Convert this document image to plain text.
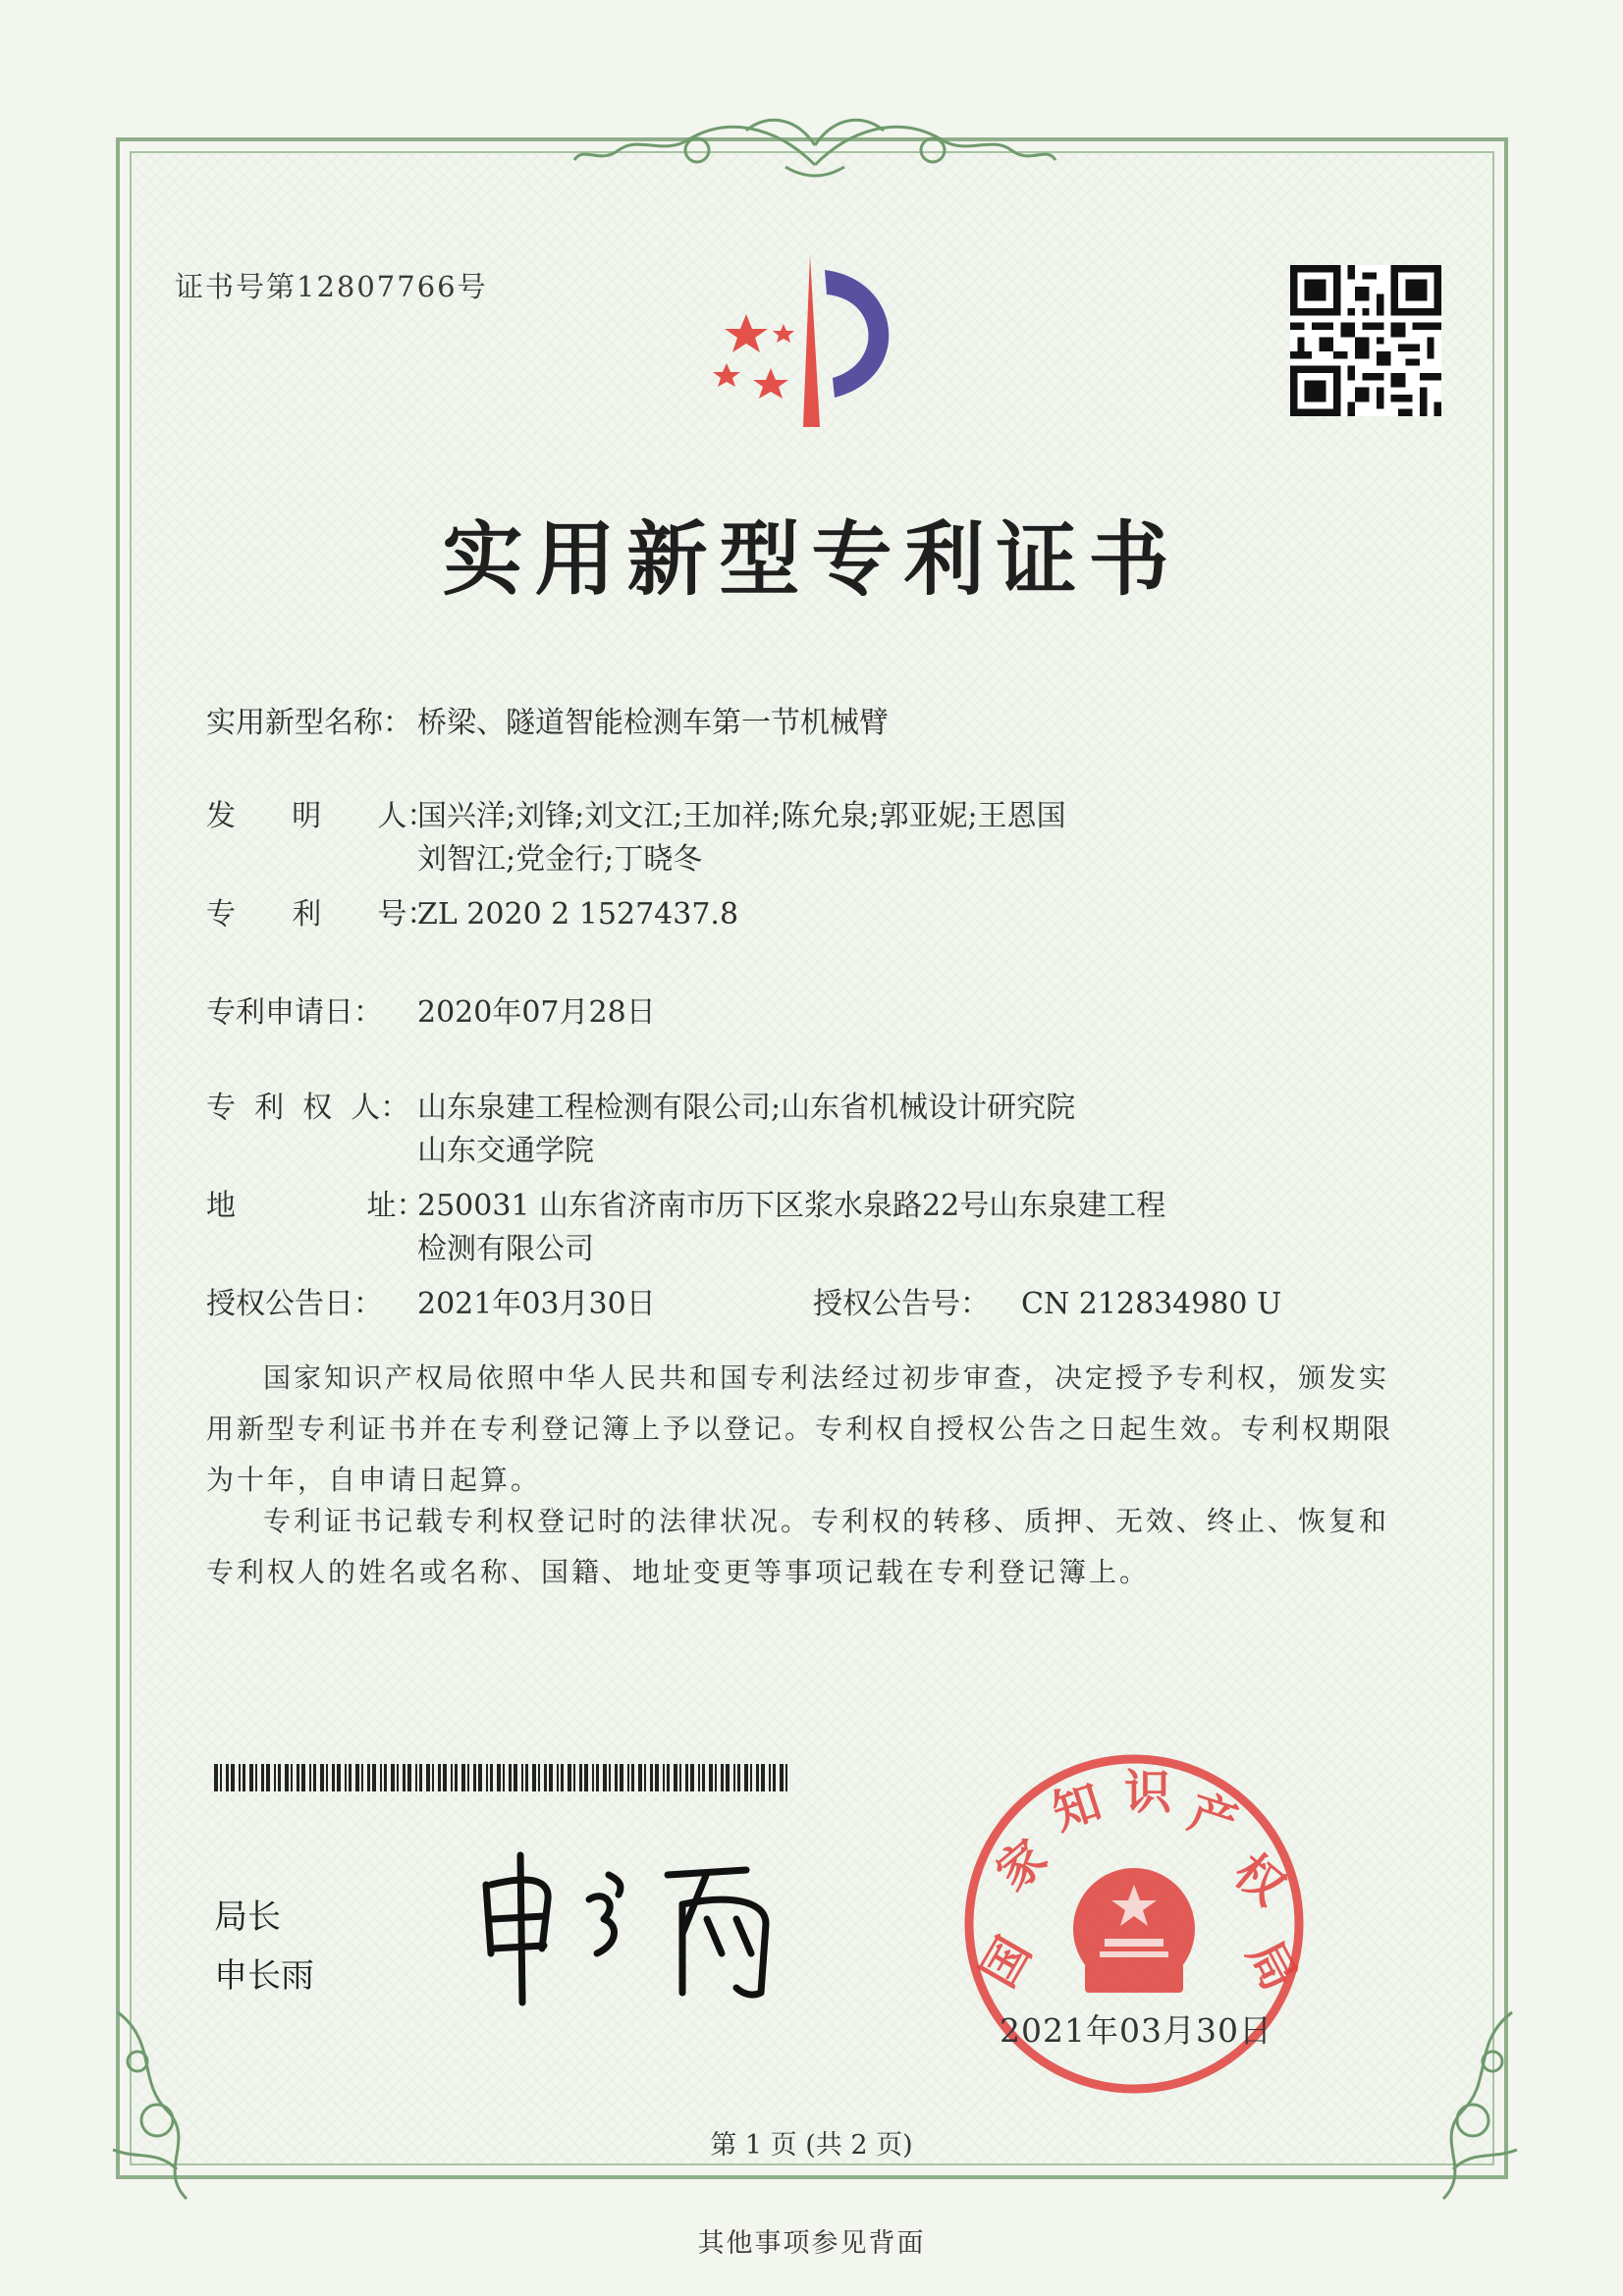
证书号第12807766号
实用新型专利证书
实用新型名称： 桥梁、隧道智能检测车第一节机械臂
发      明      人：
国兴洋;刘锋;刘文江;王加祥;陈允泉;郭亚妮;王恩国
刘智江;党金行;丁晓冬
专      利      号：
ZL 2020 2 1527437.8
专利申请日： 2020年07月28日
专  利  权  人： 山东泉建工程检测有限公司;山东省机械设计研究院
山东交通学院
地              址：
250031 山东省济南市历下区浆水泉路22号山东泉建工程
检测有限公司
授权公告日： 2021年03月30日	授权公告号： CN 212834980 U
国家知识产权局依照中华人民共和国专利法经过初步审查，决定授予专利权，颁发实用新型专利证书并在专利登记簿上予以登记。专利权自授权公告之日起生效。专利权期限为十年，自申请日起算。
专利证书记载专利权登记时的法律状况。专利权的转移、质押、无效、终止、恢复和专利权人的姓名或名称、国籍、地址变更等事项记载在专利登记簿上。
局长
申长雨	国
家
知 识 产
权
局
2021年03月30日
第 1 页 (共 2 页)
其他事项参见背面
